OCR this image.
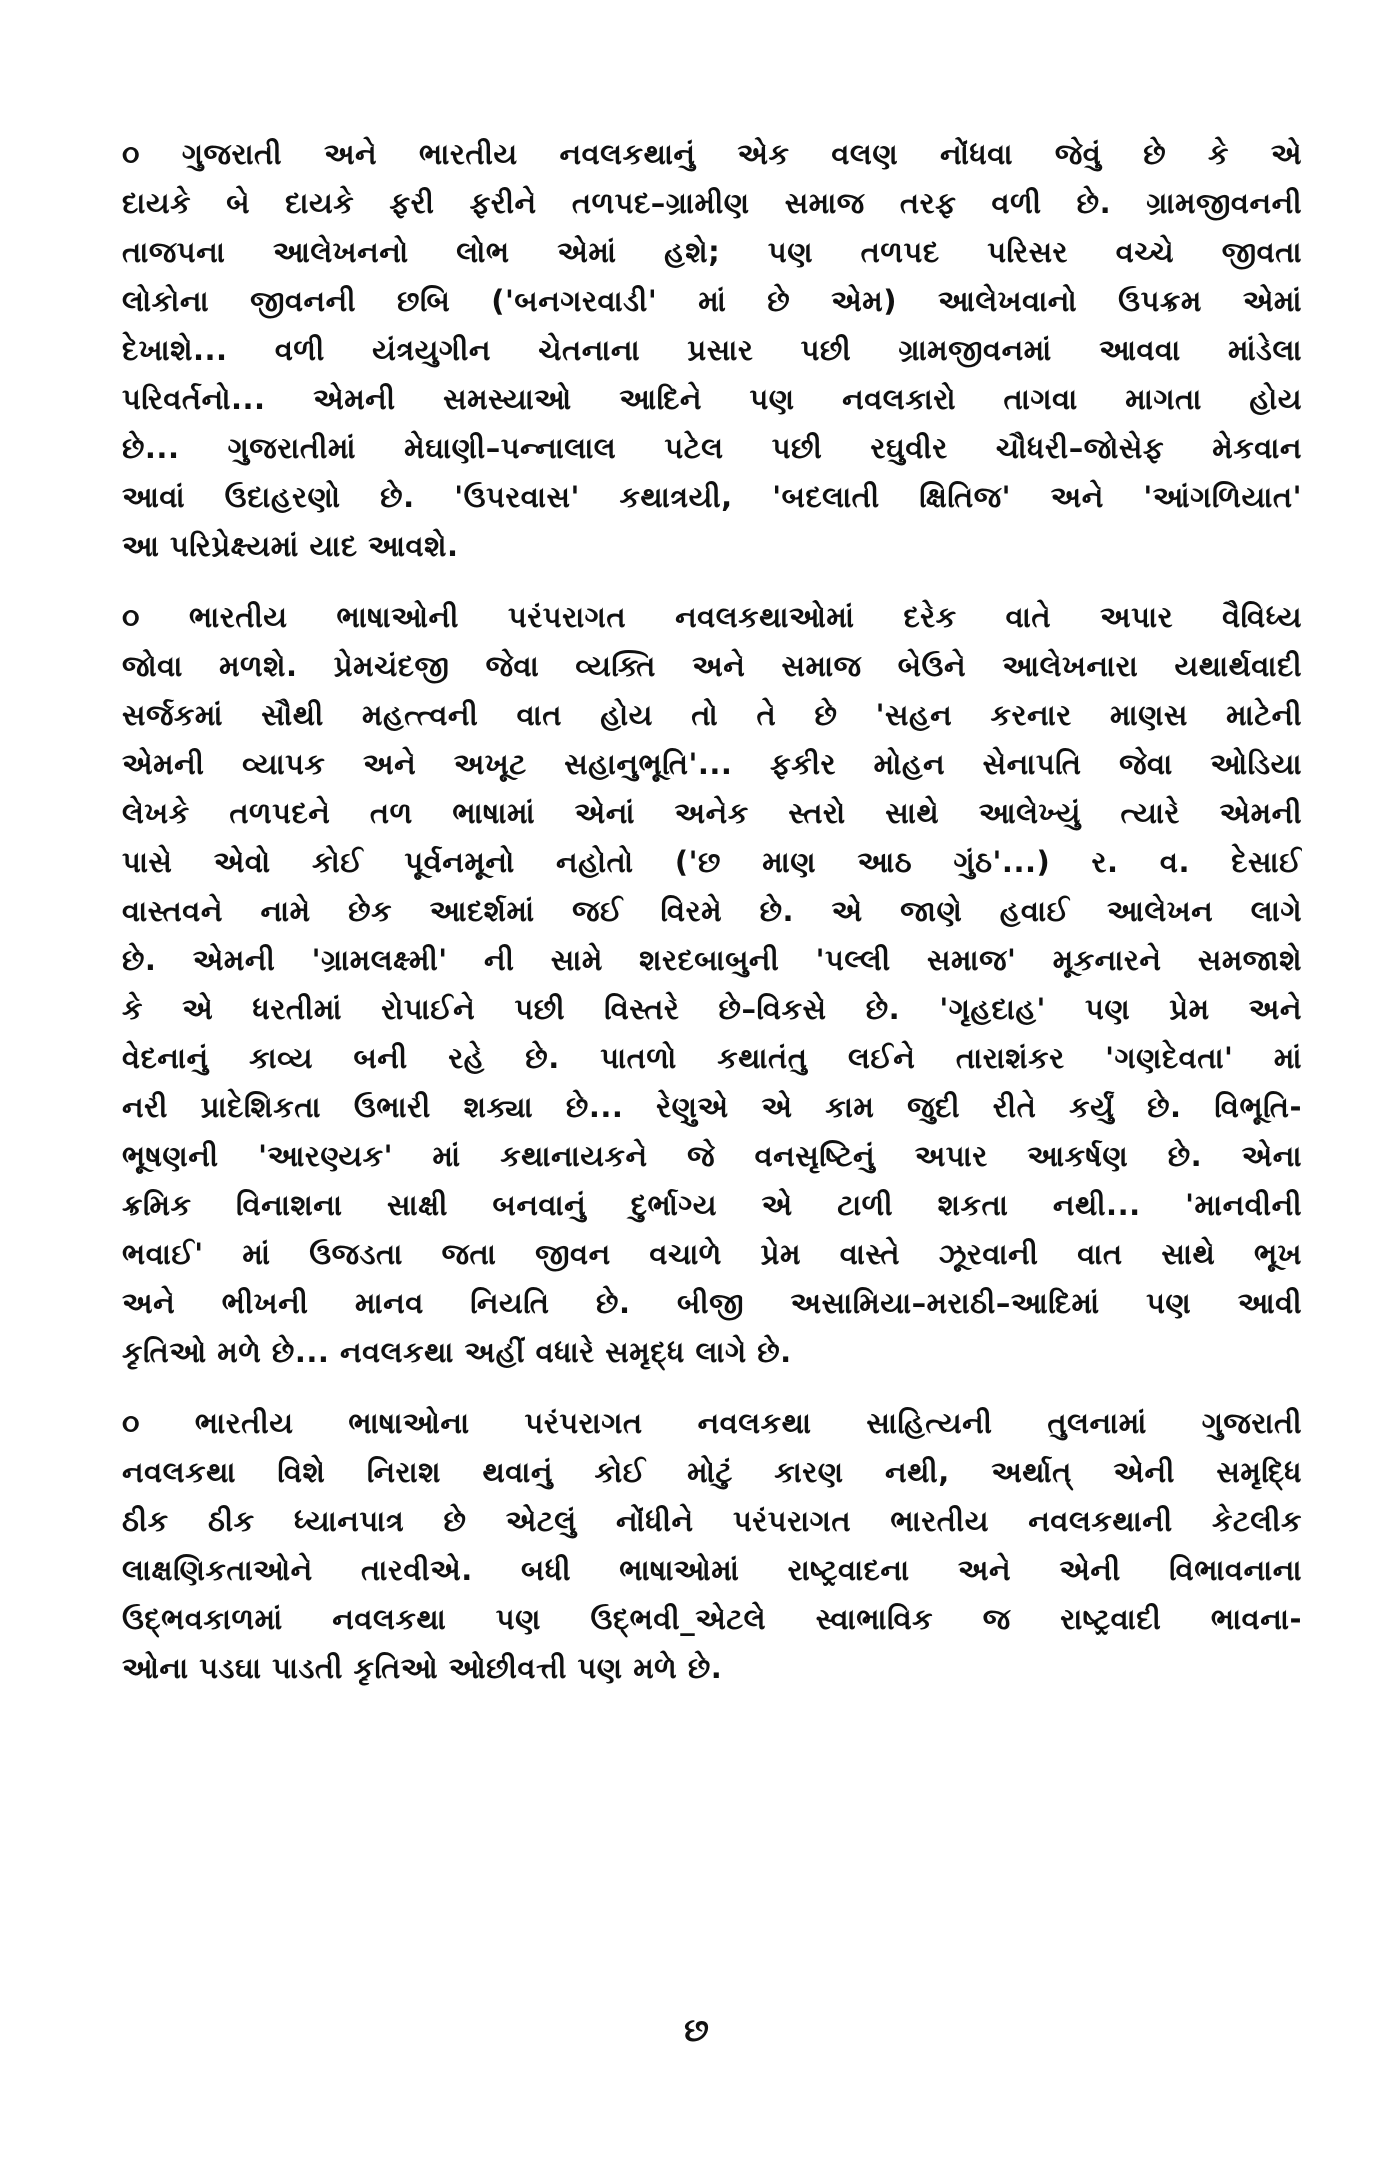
૦ ગુજરાતી અને ભારતીય નવલકથાનું એક વલણ નોંધવા જેવું છે કે એ
દાયકે બે દાયકે ફરી ફરીને તળપદ–ગ્રામીણ સમાજ તરફ વળી છે. ગ્રામજીવનની
તાજપના આલેખનનો લોભ એમાં હશે; પણ તળપદ પરિસર વચ્ચે જીવતા
લોકોના જીવનની છબિ ('બનગરવાડી' માં છે એમ) આલેખવાનો ઉપક્રમ એમાં
દેખાશે... વળી યંત્રયુગીન ચેતનાના પ્રસાર પછી ગ્રામજીવનમાં આવવા માંડેલા
પરિવર્તનો... એમની સમસ્યાઓ આદિને પણ નવલકારો તાગવા માગતા હોય
છે... ગુજરાતીમાં મેઘાણી–પન્નાલાલ પટેલ પછી રઘુવીર ચૌધરી–જોસેફ મેકવાન
આવાં ઉદાહરણો છે. 'ઉપરવાસ' કથાત્રયી, 'બદલાતી ક્ષિતિજ' અને 'આંગળિયાત'
આ પરિપ્રેક્ષ્યમાં યાદ આવશે.
૦ ભારતીય ભાષાઓની પરંપરાગત નવલકથાઓમાં દરેક વાતે અપાર વૈવિધ્ય
જોવા મળશે. પ્રેમચંદજી જેવા વ્યક્તિ અને સમાજ બેઉને આલેખનારા યથાર્થવાદી
સર્જકમાં સૌથી મહત્ત્વની વાત હોય તો તે છે 'સહન કરનાર માણસ માટેની
એમની વ્યાપક અને અખૂટ સહાનુભૂતિ'... ફકીર મોહન સેનાપતિ જેવા ઓડિયા
લેખકે તળપદને તળ ભાષામાં એનાં અનેક સ્તરો સાથે આલેખ્યું ત્યારે એમની
પાસે એવો કોઈ પૂર્વનમૂનો નહોતો ('છ માણ આઠ ગુંઠ'...) ર. વ. દેસાઈ
વાસ્તવને નામે છેક આદર્શમાં જઈ વિરમે છે. એ જાણે હવાઈ આલેખન લાગે
છે. એમની 'ગ્રામલક્ષ્મી' ની સામે શરદબાબુની 'પલ્લી સમાજ' મૂકનારને સમજાશે
કે એ ધરતીમાં રોપાઈને પછી વિસ્તરે છે–વિકસે છે. 'ગૃહદાહ' પણ પ્રેમ અને
વેદનાનું કાવ્ય બની રહે છે. પાતળો કથાતંતુ લઈને તારાશંકર 'ગણદેવતા' માં
નરી પ્રાદેશિકતા ઉભારી શક્યા છે... રેણુએ એ કામ જુદી રીતે કર્યું છે. વિભૂતિ-
ભૂષણની 'આરણ્યક' માં કથાનાયકને જે વનસૃષ્ટિનું અપાર આકર્ષણ છે. એના
ક્રમિક વિનાશના સાક્ષી બનવાનું દુર્ભાગ્ય એ ટાળી શકતા નથી... 'માનવીની
ભવાઈ' માં ઉજડતા જતા જીવન વચાળે પ્રેમ વાસ્તે ઝૂરવાની વાત સાથે ભૂખ
અને ભીખની માનવ નિયતિ છે. બીજી અસામિયા–મરાઠી–આદિમાં પણ આવી
કૃતિઓ મળે છે... નવલકથા અહીં વધારે સમૃદ્ધ લાગે છે.
૦ ભારતીય ભાષાઓના પરંપરાગત નવલકથા સાહિત્યની તુલનામાં ગુજરાતી
નવલકથા વિશે નિરાશ થવાનું કોઈ મોટું કારણ નથી, અર્થાત્ એની સમૃદ્ધિ
ઠીક ઠીક ધ્યાનપાત્ર છે એટલું નોંધીને પરંપરાગત ભારતીય નવલકથાની કેટલીક
લાક્ષણિકતાઓને તારવીએ. બધી ભાષાઓમાં રાષ્ટ્રવાદના અને એની વિભાવનાના
ઉદ્ભવકાળમાં નવલકથા પણ ઉદ્ભવી_એટલે સ્વાભાવિક જ રાષ્ટ્રવાદી ભાવના-
ઓના પડઘા પાડતી કૃતિઓ ઓછીવત્તી પણ મળે છે.
છ
